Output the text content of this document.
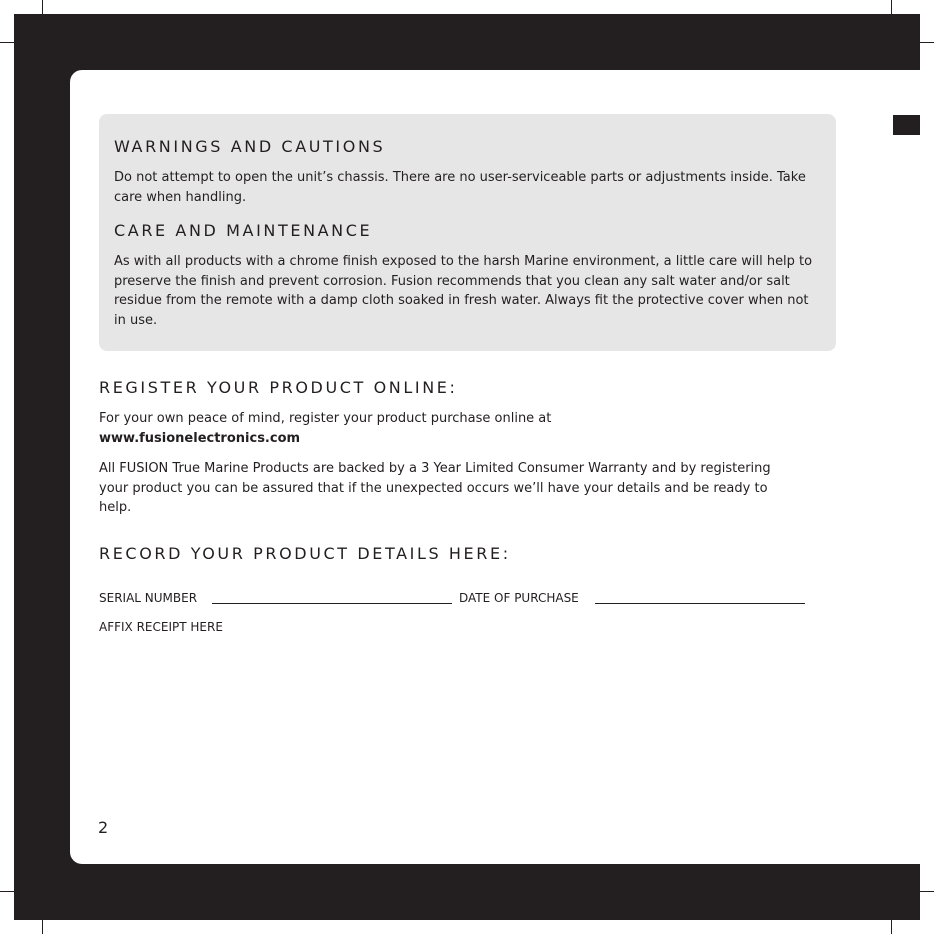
WARNINGS AND CAUTIONS

Do not attempt to open the unit’s chassis. There are no user-serviceable parts or adjustments inside. Take care when handling.

CARE AND MAINTENANCE

As with all products with a chrome finish exposed to the harsh Marine environment, a little care will help to preserve the finish and prevent corrosion. Fusion recommends that you clean any salt water and/or salt residue from the remote with a damp cloth soaked in fresh water. Always fit the protective cover when not in use.

REGISTER YOUR PRODUCT ONLINE:

For your own peace of mind, register your product purchase online at
www.fusionelectronics.com

All FUSION True Marine Products are backed by a 3 Year Limited Consumer Warranty and by registering your product you can be assured that if the unexpected occurs we’ll have your details and be ready to help.

RECORD YOUR PRODUCT DETAILS HERE:
SERIAL NUMBER	DATE OF PURCHASE
AFFIX RECEIPT HERE
2
